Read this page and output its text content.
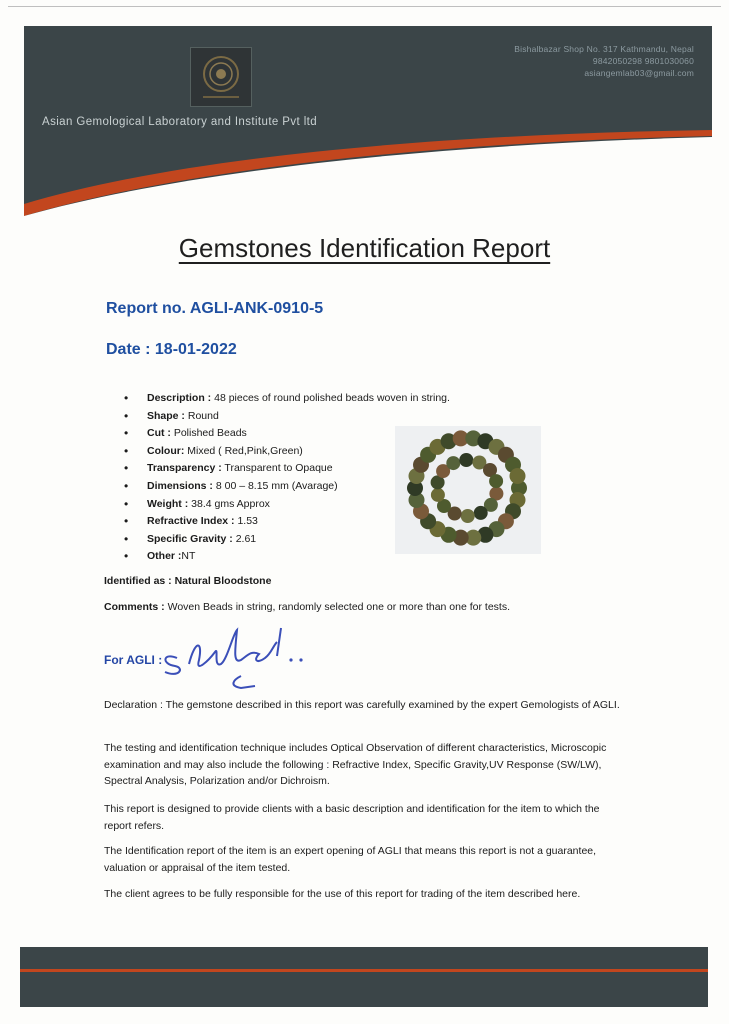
Bishalbazar Shop No. 317 Kathmandu, Nepal
9842050298 9801030060
asiangemlab03@gmail.com
Asian Gemological Laboratory and Institute Pvt ltd
Gemstones Identification Report
Report no. AGLI-ANK-0910-5
Date : 18-01-2022
• Description : 48 pieces of round polished beads woven in string.
• Shape : Round
• Cut : Polished Beads
• Colour: Mixed ( Red,Pink,Green)
• Transparency : Transparent to Opaque
• Dimensions : 8 00 – 8.15 mm (Avarage)
• Weight : 38.4 gms Approx
• Refractive Index : 1.53
• Specific Gravity : 2.61
• Other :NT
Identified as : Natural Bloodstone
Comments : Woven Beads in string, randomly selected one or more than one for tests.
For AGLI :
Declaration : The gemstone described in this report was carefully examined by the expert Gemologists of AGLI.
The testing and identification technique includes Optical Observation of different characteristics, Microscopic examination and may also include the following : Refractive Index, Specific Gravity,UV Response (SW/LW), Spectral Analysis, Polarization and/or Dichroism.
This report is designed to provide clients with a basic description and identification for the item to which the report refers.
The Identification report of the item is an expert opening of AGLI that means this report is not a guarantee, valuation or appraisal of the item tested.
The client agrees to be fully responsible for the use of this report for trading of the item described here.
